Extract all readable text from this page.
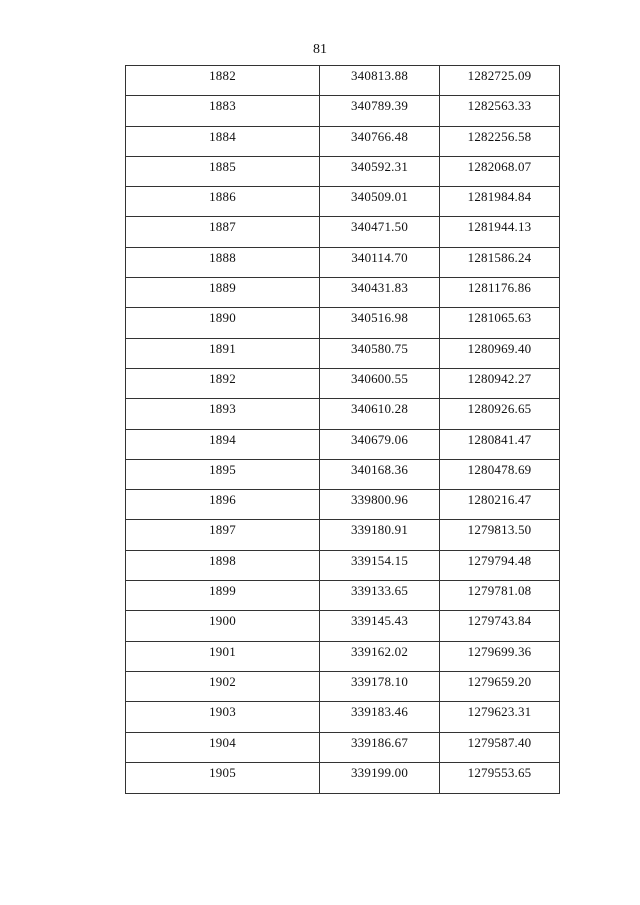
81
1882	340813.88	1282725.09
1883	340789.39	1282563.33
1884	340766.48	1282256.58
1885	340592.31	1282068.07
1886	340509.01	1281984.84
1887	340471.50	1281944.13
1888	340114.70	1281586.24
1889	340431.83	1281176.86
1890	340516.98	1281065.63
1891	340580.75	1280969.40
1892	340600.55	1280942.27
1893	340610.28	1280926.65
1894	340679.06	1280841.47
1895	340168.36	1280478.69
1896	339800.96	1280216.47
1897	339180.91	1279813.50
1898	339154.15	1279794.48
1899	339133.65	1279781.08
1900	339145.43	1279743.84
1901	339162.02	1279699.36
1902	339178.10	1279659.20
1903	339183.46	1279623.31
1904	339186.67	1279587.40
1905	339199.00	1279553.65
